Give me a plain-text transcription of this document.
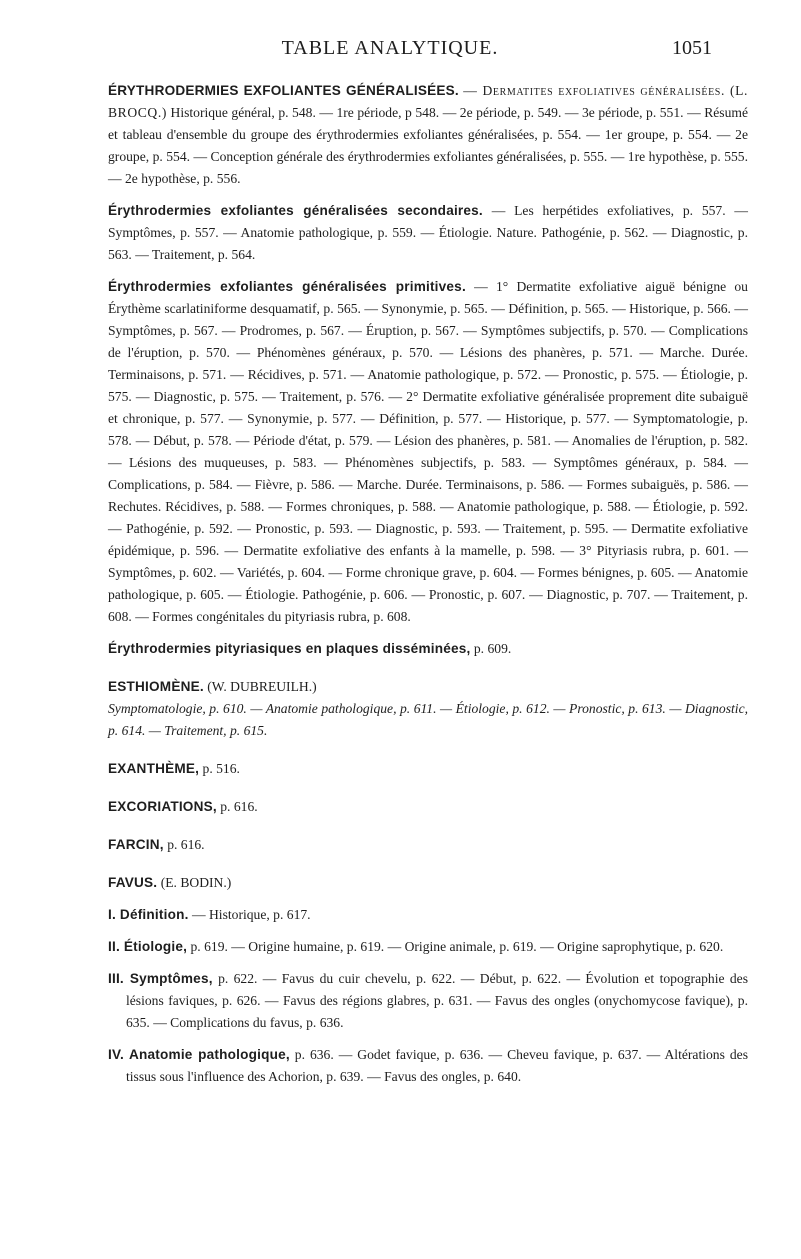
TABLE ANALYTIQUE.	1051

ÉRYTHRODERMIES EXFOLIANTES GÉNÉRALISÉES. — Dermatites exfoliatives généralisées. (L. BROCQ.) Historique général, p. 548. — 1re période, p 548. — 2e période, p. 549. — 3e période, p. 551. — Résumé et tableau d'ensemble du groupe des érythrodermies exfoliantes généralisées, p. 554. — 1er groupe, p. 554. — 2e groupe, p. 554. — Conception générale des érythrodermies exfoliantes généralisées, p. 555. — 1re hypothèse, p. 555. — 2e hypothèse, p. 556.

Érythrodermies exfoliantes généralisées secondaires. — Les herpétides exfoliatives, p. 557. — Symptômes, p. 557. — Anatomie pathologique, p. 559. — Étiologie. Nature. Pathogénie, p. 562. — Diagnostic, p. 563. — Traitement, p. 564.

Érythrodermies exfoliantes généralisées primitives. — 1° Dermatite exfoliative aiguë bénigne ou Érythème scarlatiniforme desquamatif, p. 565. — Synonymie, p. 565. — Définition, p. 565. — Historique, p. 566. — Symptômes, p. 567. — Prodromes, p. 567. — Éruption, p. 567. — Symptômes subjectifs, p. 570. — Complications de l'éruption, p. 570. — Phénomènes généraux, p. 570. — Lésions des phanères, p. 571. — Marche. Durée. Terminaisons, p. 571. — Récidives, p. 571. — Anatomie pathologique, p. 572. — Pronostic, p. 575. — Étiologie, p. 575. — Diagnostic, p. 575. — Traitement, p. 576. — 2° Dermatite exfoliative généralisée proprement dite subaiguë et chronique, p. 577. — Synonymie, p. 577. — Définition, p. 577. — Historique, p. 577. — Symptomatologie, p. 578. — Début, p. 578. — Période d'état, p. 579. — Lésion des phanères, p. 581. — Anomalies de l'éruption, p. 582. — Lésions des muqueuses, p. 583. — Phénomènes subjectifs, p. 583. — Symptômes généraux, p. 584. — Complications, p. 584. — Fièvre, p. 586. — Marche. Durée. Terminaisons, p. 586. — Formes subaiguës, p. 586. — Rechutes. Récidives, p. 588. — Formes chroniques, p. 588. — Anatomie pathologique, p. 588. — Étiologie, p. 592. — Pathogénie, p. 592. — Pronostic, p. 593. — Diagnostic, p. 593. — Traitement, p. 595. — Dermatite exfoliative épidémique, p. 596. — Dermatite exfoliative des enfants à la mamelle, p. 598. — 3° Pityriasis rubra, p. 601. — Symptômes, p. 602. — Variétés, p. 604. — Forme chronique grave, p. 604. — Formes bénignes, p. 605. — Anatomie pathologique, p. 605. — Étiologie. Pathogénie, p. 606. — Pronostic, p. 607. — Diagnostic, p. 707. — Traitement, p. 608. — Formes congénitales du pityriasis rubra, p. 608.

Érythrodermies pityriasiques en plaques disséminées, p. 609.

ESTHIOMÈNE. (W. DUBREUILH.)
Symptomatologie, p. 610. — Anatomie pathologique, p. 611. — Étiologie, p. 612. — Pronostic, p. 613. — Diagnostic, p. 614. — Traitement, p. 615.

EXANTHÈME, p. 516.

EXCORIATIONS, p. 616.

FARCIN, p. 616.

FAVUS. (E. BODIN.)

I. Définition. — Historique, p. 617.

II. Étiologie, p. 619. — Origine humaine, p. 619. — Origine animale, p. 619. — Origine saprophytique, p. 620.

III. Symptômes, p. 622. — Favus du cuir chevelu, p. 622. — Début, p. 622. — Évolution et topographie des lésions faviques, p. 626. — Favus des régions glabres, p. 631. — Favus des ongles (onychomycose favique), p. 635. — Complications du favus, p. 636.

IV. Anatomie pathologique, p. 636. — Godet favique, p. 636. — Cheveu favique, p. 637. — Altérations des tissus sous l'influence des Achorion, p. 639. — Favus des ongles, p. 640.
